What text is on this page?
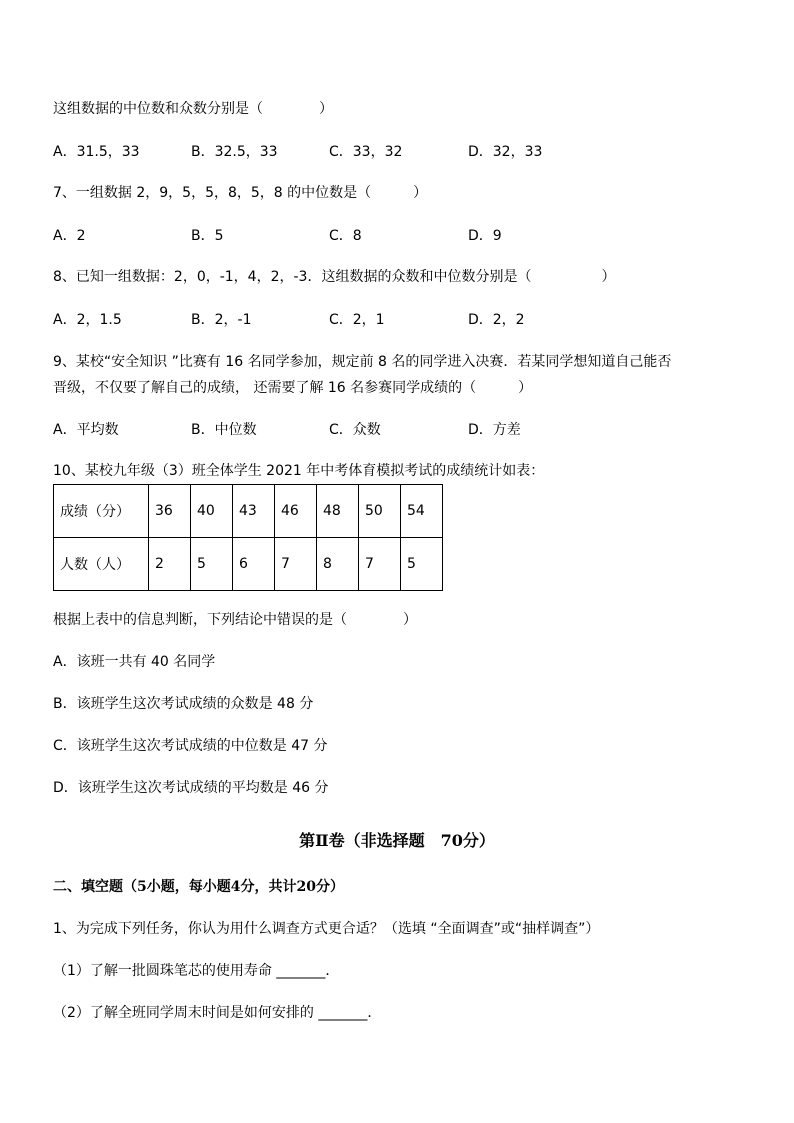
这组数据的中位数和众数分别是（　　　　）
A．31.5，33	B．32.5，33	C．33，32	D．32，33
7、一组数据 2，9，5，5，8，5，8 的中位数是（　　　）
A．2	B．5	C．8	D．9
8、已知一组数据：2，0，-1，4，2，-3．这组数据的众数和中位数分别是（　　　　　）
A．2，1.5	B．2，-1	C．2，1	D．2，2
9、某校“安全知识 ”比赛有 16 名同学参加，规定前 8 名的同学进入决赛．若某同学想知道自己能否
晋级，不仅要了解自己的成绩， 还需要了解 16 名参赛同学成绩的（　　　）
A．平均数	B．中位数	C．众数	D．方差
10、某校九年级（3）班全体学生 2021 年中考体育模拟考试的成绩统计如表：
成绩（分）	36	40	43	46	48	50	54
人数（人）	2	5	6	7	8	7	5
根据上表中的信息判断，下列结论中错误的是（　　　　）
A．该班一共有 40 名同学
B．该班学生这次考试成绩的众数是 48 分
C．该班学生这次考试成绩的中位数是 47 分
D．该班学生这次考试成绩的平均数是 46 分
第Ⅱ卷（非选择题　70分）
二、填空题（5小题，每小题4分，共计20分）
1、为完成下列任务，你认为用什么调查方式更合适？（选填 “全面调查”或“抽样调查”）
（1）了解一批圆珠笔芯的使用寿命 _______．
（2）了解全班同学周末时间是如何安排的 _______．
